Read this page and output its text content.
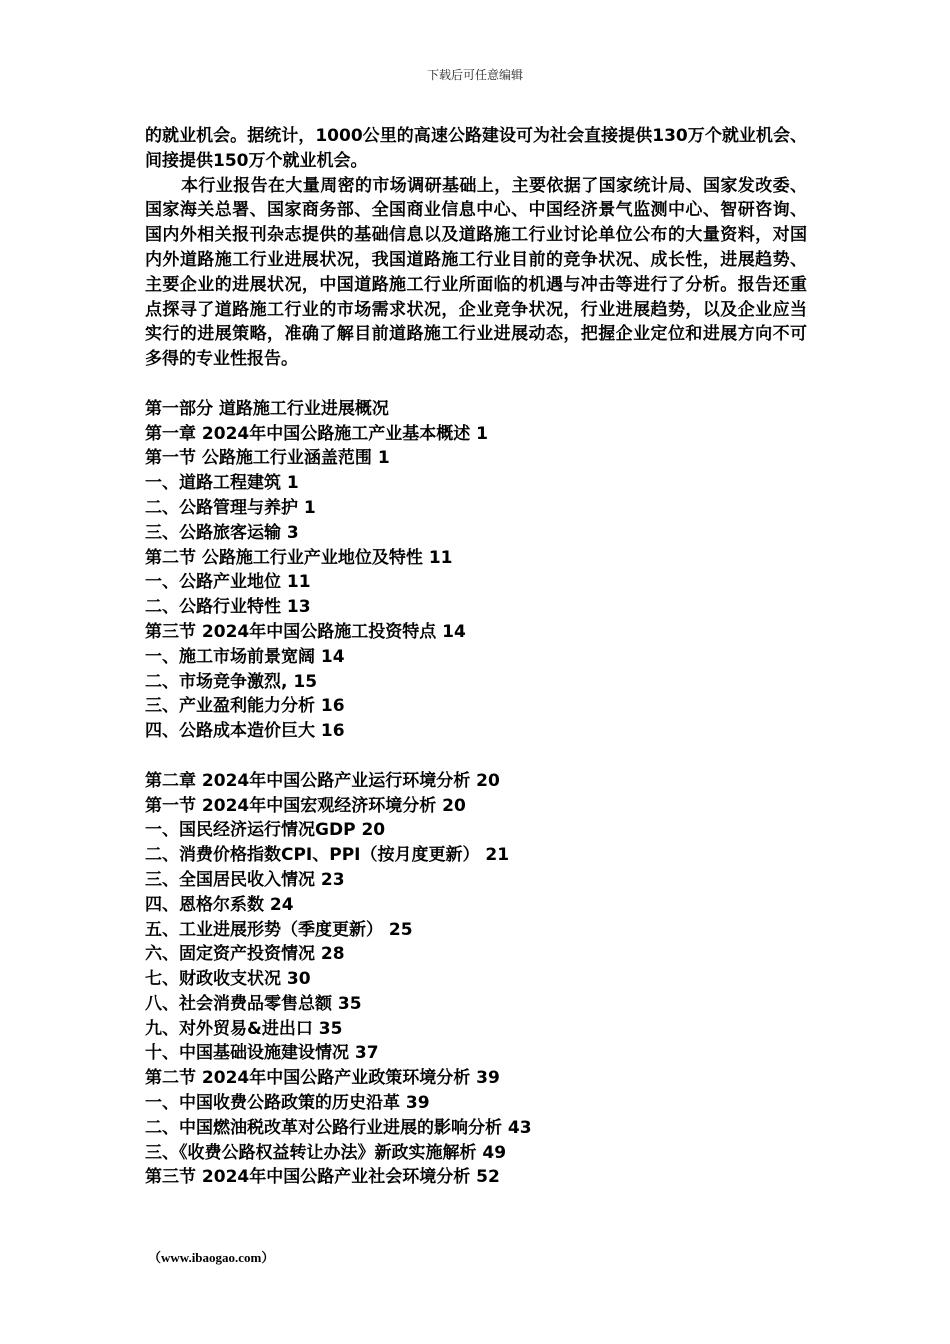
下载后可任意编辑

的就业机会。据统计，1000公里的高速公路建设可为社会直接提供130万个就业机会、间接提供150万个就业机会。

本行业报告在大量周密的市场调研基础上，主要依据了国家统计局、国家发改委、国家海关总署、国家商务部、全国商业信息中心、中国经济景气监测中心、智研咨询、国内外相关报刊杂志提供的基础信息以及道路施工行业讨论单位公布的大量资料，对国内外道路施工行业进展状况，我国道路施工行业目前的竞争状况、成长性，进展趋势、主要企业的进展状况，中国道路施工行业所面临的机遇与冲击等进行了分析。报告还重点探寻了道路施工行业的市场需求状况，企业竞争状况，行业进展趋势，以及企业应当实行的进展策略，准确了解目前道路施工行业进展动态，把握企业定位和进展方向不可多得的专业性报告。

第一部分 道路施工行业进展概况

第一章 2024年中国公路施工产业基本概述 1

第一节 公路施工行业涵盖范围 1

一、道路工程建筑 1

二、公路管理与养护 1

三、公路旅客运输 3

第二节 公路施工行业产业地位及特性 11

一、公路产业地位 11

二、公路行业特性 13

第三节 2024年中国公路施工投资特点 14

一、施工市场前景宽阔 14

二、市场竞争激烈, 15

三、产业盈利能力分析 16

四、公路成本造价巨大 16

第二章 2024年中国公路产业运行环境分析 20

第一节 2024年中国宏观经济环境分析 20

一、国民经济运行情况GDP 20

二、消费价格指数CPI、PPI（按月度更新） 21

三、全国居民收入情况 23

四、恩格尔系数 24

五、工业进展形势（季度更新） 25

六、固定资产投资情况 28

七、财政收支状况 30

八、社会消费品零售总额 35

九、对外贸易&进出口 35

十、中国基础设施建设情况 37

第二节 2024年中国公路产业政策环境分析 39

一、中国收费公路政策的历史沿革 39

二、中国燃油税改革对公路行业进展的影响分析 43

三、《收费公路权益转让办法》新政实施解析 49

第三节 2024年中国公路产业社会环境分析 52

（www.ibaogao.com）
